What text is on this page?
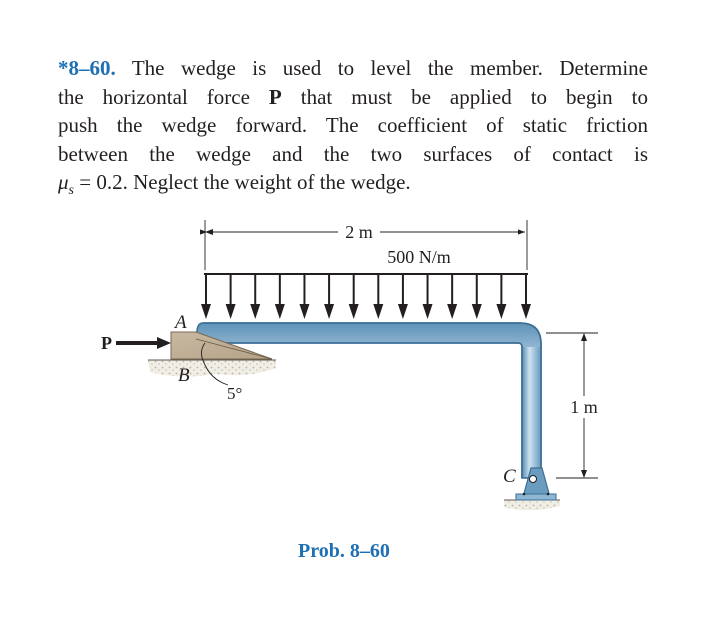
*8–60. The wedge is used to level the member. Determine
the horizontal force P that must be applied to begin to
push the wedge forward. The coefficient of static friction
between the wedge and the two surfaces of contact is
$\mu_s = 0.2$. Neglect the weight of the wedge.
2 m
500 N/m
P
A
B
5°
C
1 m
Prob. 8–60
